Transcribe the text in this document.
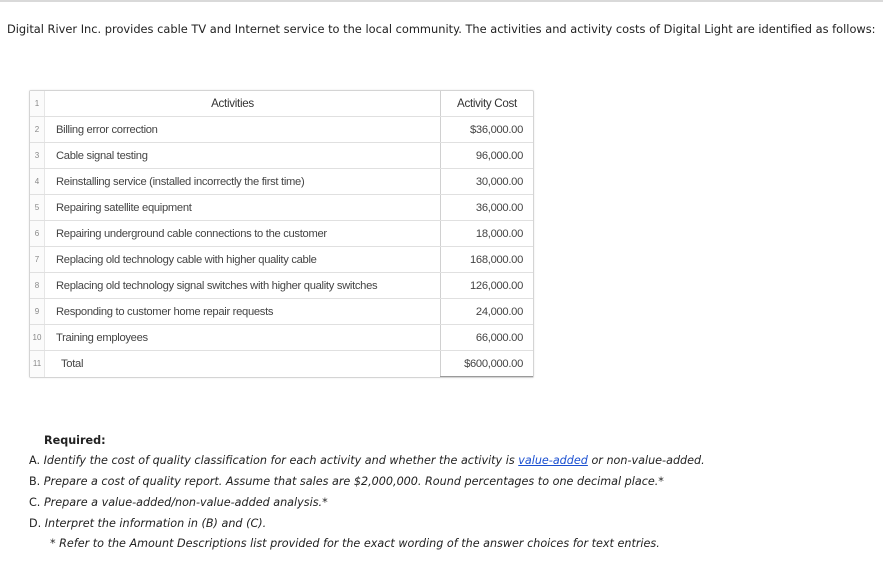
Digital River Inc. provides cable TV and Internet service to the local community. The activities and activity costs of Digital Light are identified as follows:
1	Activities	Activity Cost
2	Billing error correction	$36,000.00
3	Cable signal testing	96,000.00
4	Reinstalling service (installed incorrectly the first time)	30,000.00
5	Repairing satellite equipment	36,000.00
6	Repairing underground cable connections to the customer	18,000.00
7	Replacing old technology cable with higher quality cable	168,000.00
8	Replacing old technology signal switches with higher quality switches	126,000.00
9	Responding to customer home repair requests	24,000.00
10	Training employees	66,000.00
11	Total	$600,000.00
Required:
A. Identify the cost of quality classification for each activity and whether the activity is value-added or non-value-added.
B. Prepare a cost of quality report. Assume that sales are $2,000,000. Round percentages to one decimal place.*
C. Prepare a value-added/non-value-added analysis.*
D. Interpret the information in (B) and (C).
* Refer to the Amount Descriptions list provided for the exact wording of the answer choices for text entries.
